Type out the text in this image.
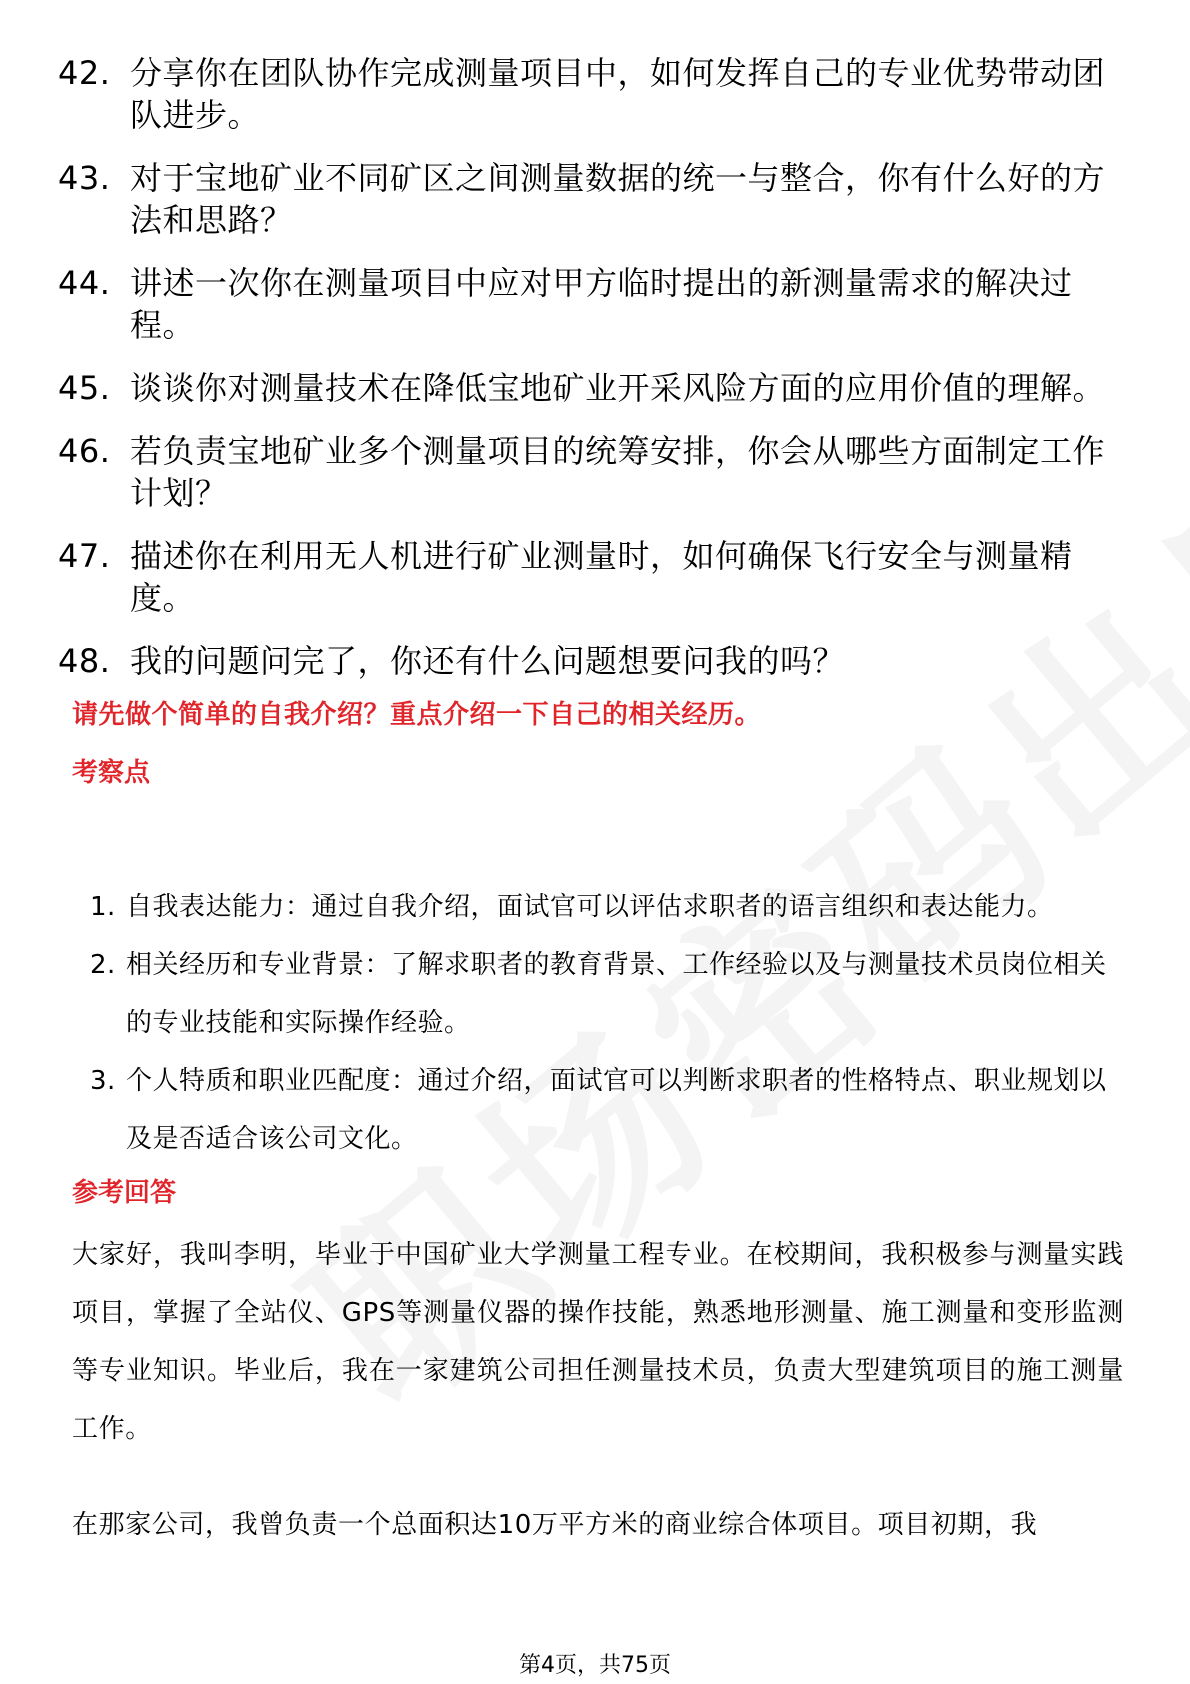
42. 分享你在团队协作完成测量项目中，如何发挥自己的专业优势带动团队进步。
43. 对于宝地矿业不同矿区之间测量数据的统一与整合，你有什么好的方法和思路？
44. 讲述一次你在测量项目中应对甲方临时提出的新测量需求的解决过程。
45. 谈谈你对测量技术在降低宝地矿业开采风险方面的应用价值的理解。
46. 若负责宝地矿业多个测量项目的统筹安排，你会从哪些方面制定工作计划？
47. 描述你在利用无人机进行矿业测量时，如何确保飞行安全与测量精度。
48. 我的问题问完了，你还有什么问题想要问我的吗？
请先做个简单的自我介绍？重点介绍一下自己的相关经历。
考察点
1. 自我表达能力：通过自我介绍，面试官可以评估求职者的语言组织和表达能力。
2. 相关经历和专业背景：了解求职者的教育背景、工作经验以及与测量技术员岗位相关的专业技能和实际操作经验。
3. 个人特质和职业匹配度：通过介绍，面试官可以判断求职者的性格特点、职业规划以及是否适合该公司文化。
参考回答

大家好，我叫李明，毕业于中国矿业大学测量工程专业。在校期间，我积极参与测量实践项目，掌握了全站仪、GPS等测量仪器的操作技能，熟悉地形测量、施工测量和变形监测等专业知识。毕业后，我在一家建筑公司担任测量技术员，负责大型建筑项目的施工测量工作。

在那家公司，我曾负责一个总面积达10万平方米的商业综合体项目。项目初期，我

第4页，共75页
